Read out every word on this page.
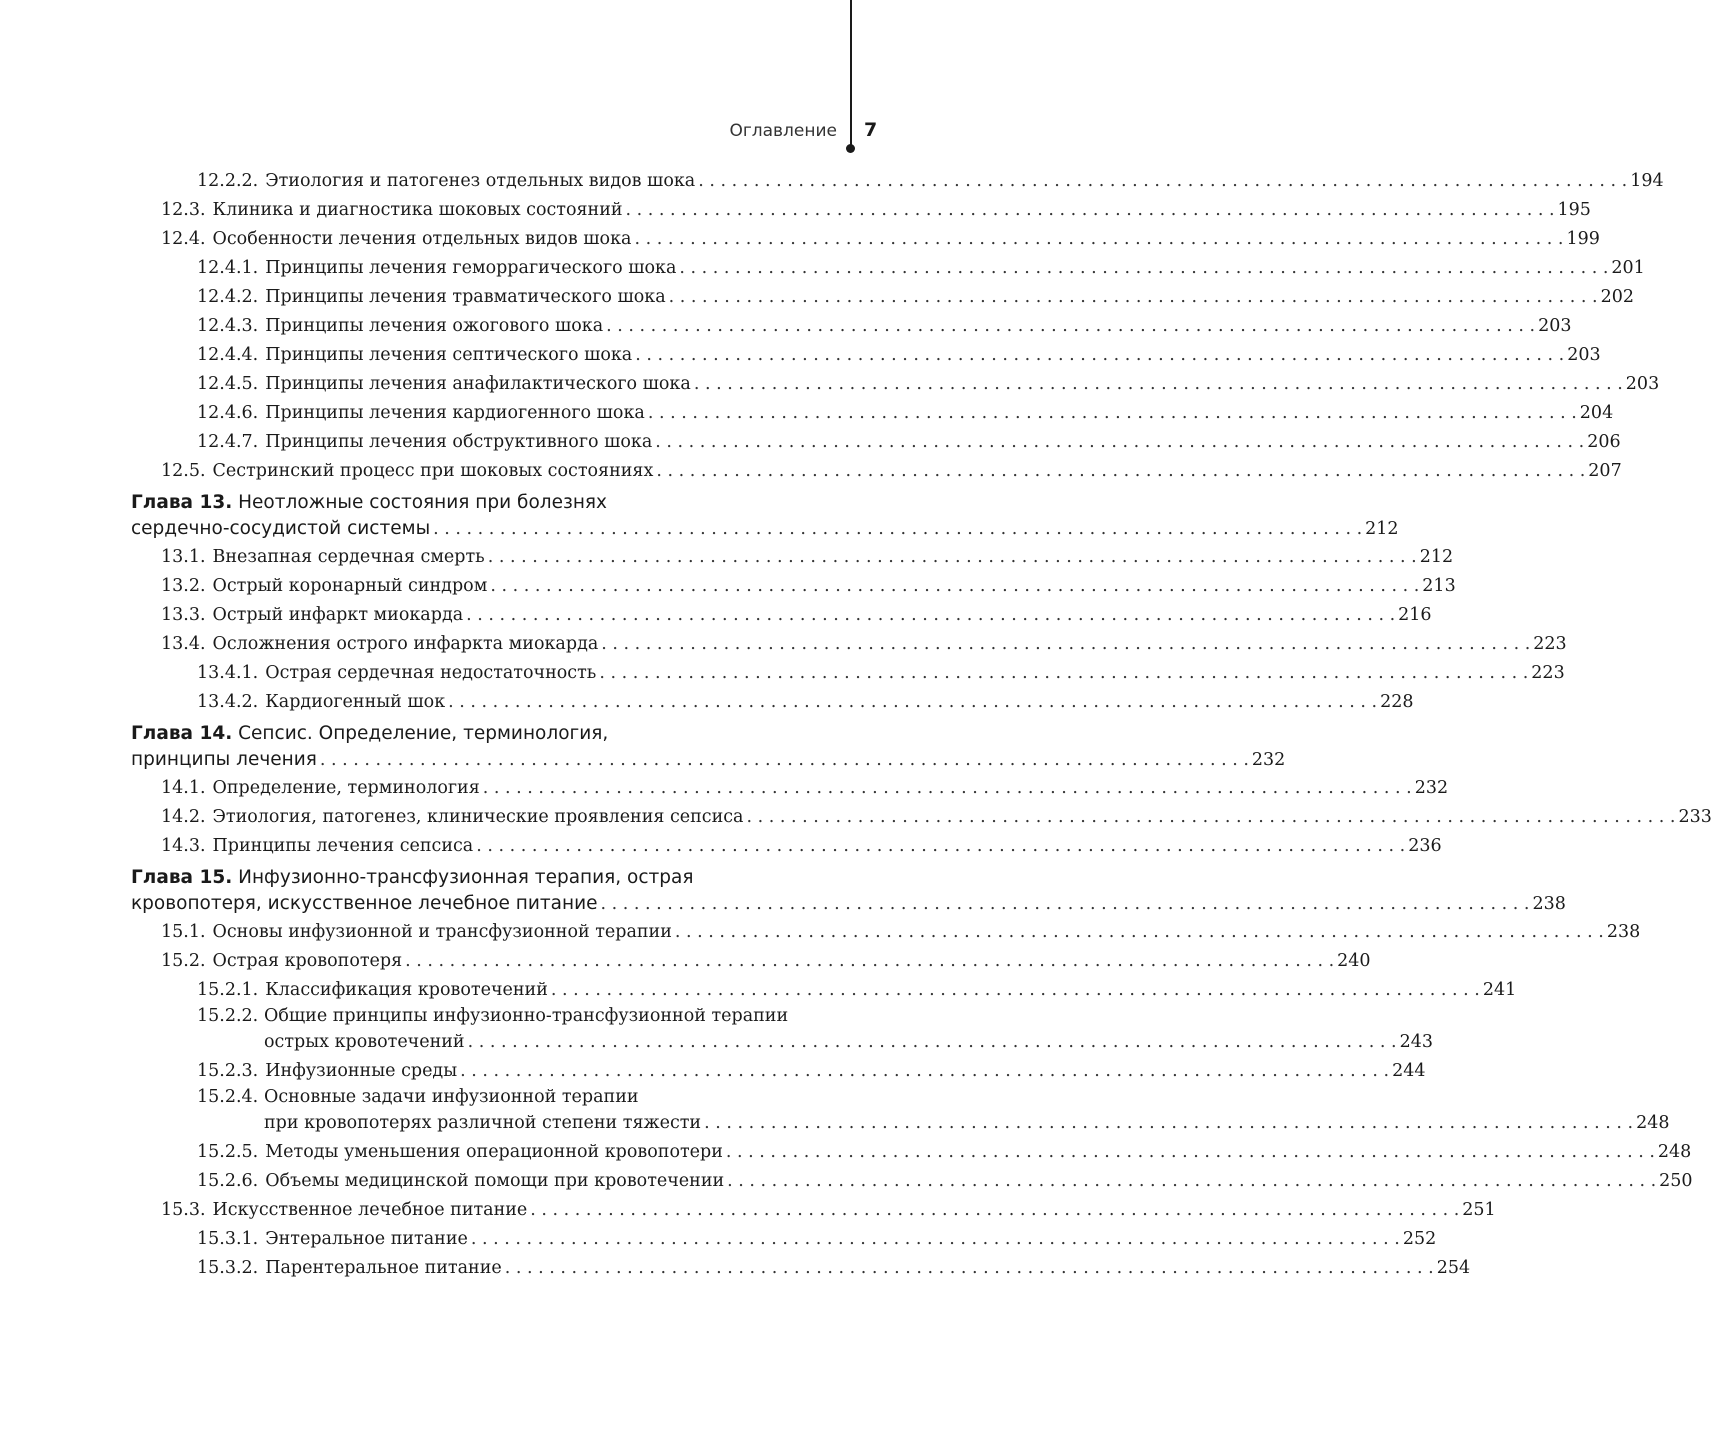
Оглавление 7
12.2.2. Этиология и патогенез отдельных видов шока . . .	194
12.3. Клиника и диагностика шоковых состояний . . .	195
12.4. Особенности лечения отдельных видов шока . . .	199
12.4.1. Принципы лечения геморрагического шока . . .	201
12.4.2. Принципы лечения травматического шока . . .	202
12.4.3. Принципы лечения ожогового шока . . .	203
12.4.4. Принципы лечения септического шока . . .	203
12.4.5. Принципы лечения анафилактического шока . . .	203
12.4.6. Принципы лечения кардиогенного шока . . .	204
12.4.7. Принципы лечения обструктивного шока . . .	206
12.5. Сестринский процесс при шоковых состояниях . . .	207
Глава 13. Неотложные состояния при болезнях
сердечно-сосудистой системы . . .	212
13.1. Внезапная сердечная смерть . . .	212
13.2. Острый коронарный синдром . . .	213
13.3. Острый инфаркт миокарда . . .	216
13.4. Осложнения острого инфаркта миокарда . . .	223
13.4.1. Острая сердечная недостаточность . . .	223
13.4.2. Кардиогенный шок . . .	228
Глава 14. Сепсис. Определение, терминология,
принципы лечения . . .	232
14.1. Определение, терминология . . .	232
14.2. Этиология, патогенез, клинические проявления сепсиса . . .	233
14.3. Принципы лечения сепсиса . . .	236
Глава 15. Инфузионно-трансфузионная терапия, острая
кровопотеря, искусственное лечебное питание . . .	238
15.1. Основы инфузионной и трансфузионной терапии . . .	238
15.2. Острая кровопотеря . . .	240
15.2.1. Классификация кровотечений . . .	241
15.2.2. Общие принципы инфузионно-трансфузионной терапии
острых кровотечений . . .	243
15.2.3. Инфузионные среды . . .	244
15.2.4. Основные задачи инфузионной терапии
при кровопотерях различной степени тяжести . . .	248
15.2.5. Методы уменьшения операционной кровопотери . . .	248
15.2.6. Объемы медицинской помощи при кровотечении . . .	250
15.3. Искусственное лечебное питание . . .	251
15.3.1. Энтеральное питание . . .	252
15.3.2. Парентеральное питание . . .	254
